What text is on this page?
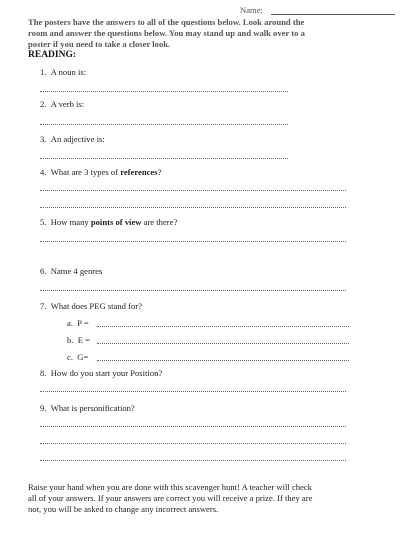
Name:
The posters have the answers to all of the questions below. Look around the
room and answer the questions below. You may stand up and walk over to a
poster if you need to take a closer look.
READING:
1. A noun is:
2. A verb is:
3. An adjective is:
4. What are 3 types of references?
5. How many points of view are there?
6. Name 4 genres
7. What does PEG stand for?
a. P =
b. E =
c. G=
8. How do you start your Position?
9. What is personification?
Raise your hand when you are done with this scavenger hunt! A teacher will check
all of your answers. If your answers are correct you will receive a prize. If they are
not, you will be asked to change any incorrect answers.
